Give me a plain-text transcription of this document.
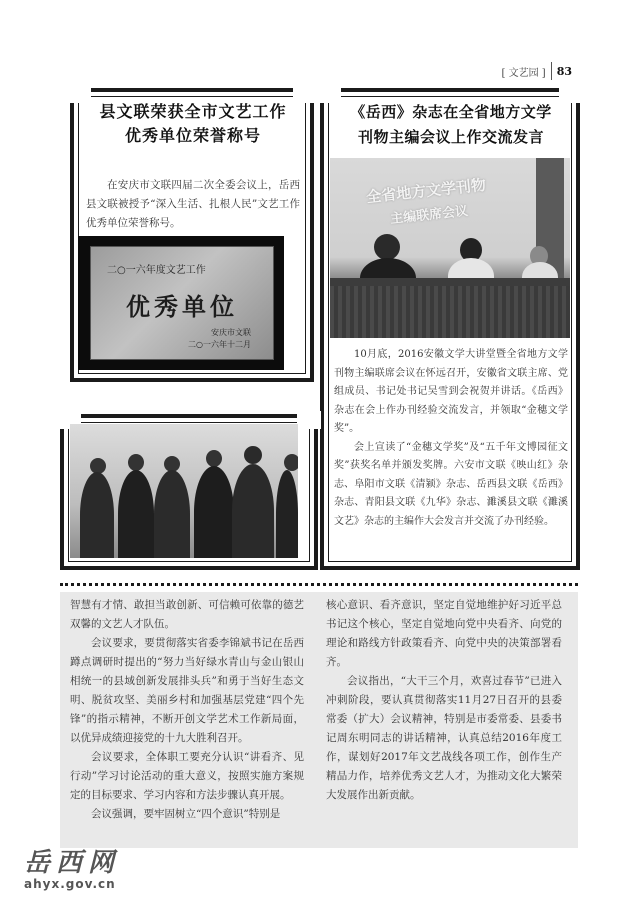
[ 文艺园 ] 83
县文联荣获全市文艺工作
优秀单位荣誉称号

在安庆市文联四届二次全委会议上，岳西县文联被授予“深入生活、扎根人民”文艺工作优秀单位荣誉称号。

二○一六年度文艺工作
优秀单位
安庆市文联
二○一六年十二月
《岳西》杂志在全省地方文学
刊物主编会议上作交流发言
全省地方文学刊物
主编联席会议

10月底，2016安徽文学大讲堂暨全省地方文学刊物主编联席会议在怀远召开，安徽省文联主席、党组成员、书记处书记吴雪到会祝贺并讲话。《岳西》杂志在会上作办刊经验交流发言，并领取“金穗文学奖”。

会上宣读了“金穗文学奖”及“五千年文博园征文奖”获奖名单并颁发奖牌。六安市文联《映山红》杂志、阜阳市文联《清颍》杂志、岳西县文联《岳西》杂志、青阳县文联《九华》杂志、濉溪县文联《濉溪文艺》杂志的主编作大会发言并交流了办刊经验。

智慧有才情、敢担当敢创新、可信赖可依靠的德艺双馨的文艺人才队伍。

会议要求，要贯彻落实省委李锦斌书记在岳西蹲点调研时提出的“努力当好绿水青山与金山银山相统一的县域创新发展排头兵”和勇于当好生态文明、脱贫攻坚、美丽乡村和加强基层党建“四个先锋”的指示精神，不断开创文学艺术工作新局面，以优异成绩迎接党的十九大胜利召开。

会议要求，全体职工要充分认识“讲看齐、见行动”学习讨论活动的重大意义，按照实施方案规定的目标要求、学习内容和方法步骤认真开展。

会议强调，要牢固树立“四个意识”特别是

核心意识、看齐意识，坚定自觉地维护好习近平总书记这个核心，坚定自觉地向党中央看齐、向党的理论和路线方针政策看齐、向党中央的决策部署看齐。

会议指出，“大干三个月，欢喜过春节”已进入冲刺阶段，要认真贯彻落实11月27日召开的县委常委（扩大）会议精神，特别是市委常委、县委书记周东明同志的讲话精神，认真总结2016年度工作，谋划好2017年文艺战线各项工作，创作生产精品力作，培养优秀文艺人才，为推动文化大繁荣大发展作出新贡献。

岳西网
ahyx.gov.cn
